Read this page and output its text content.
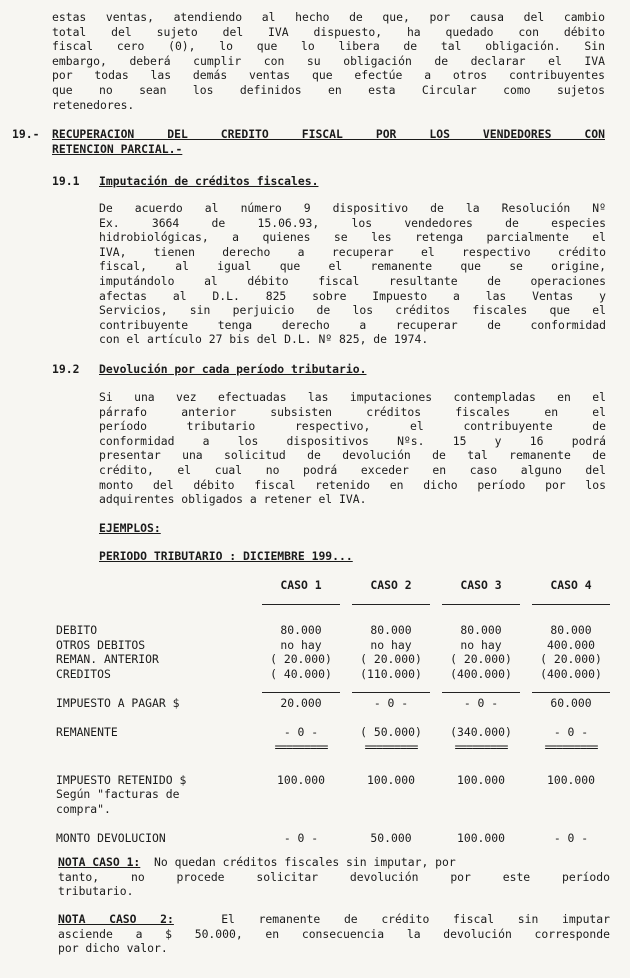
estas ventas, atendiendo al hecho de que, por causa del cambio
total del sujeto del IVA dispuesto, ha quedado con débito
fiscal cero (0), lo que lo libera de tal obligación. Sin
embargo, deberá cumplir con su obligación de declarar el IVA
por todas las demás ventas que efectúe a otros contribuyentes
que no sean los definidos en esta Circular como sujetos
retenedores.
19.- RECUPERACION DEL CREDITO FISCAL POR LOS VENDEDORES CON
RETENCION PARCIAL.-
19.1 Imputación de créditos fiscales.
De acuerdo al número 9 dispositivo de la Resolución Nº
Ex. 3664 de 15.06.93, los vendedores de especies
hidrobiológicas, a quienes se les retenga parcialmente el
IVA, tienen derecho a recuperar el respectivo crédito
fiscal, al igual que el remanente que se origine,
imputándolo al débito fiscal resultante de operaciones
afectas al D.L. 825 sobre Impuesto a las Ventas y
Servicios, sin perjuicio de los créditos fiscales que el
contribuyente tenga derecho a recuperar de conformidad
con el artículo 27 bis del D.L. Nº 825, de 1974.
19.2 Devolución por cada período tributario.
Si una vez efectuadas las imputaciones contempladas en el
párrafo anterior subsisten créditos fiscales en el
período tributario respectivo, el contribuyente de
conformidad a los dispositivos Nºs. 15 y 16 podrá
presentar una solicitud de devolución de tal remanente de
crédito, el cual no podrá exceder en caso alguno del
monto del débito fiscal retenido en dicho período por los
adquirentes obligados a retener el IVA.
EJEMPLOS:
PERIODO TRIBUTARIO : DICIEMBRE 199...
	CASO 1	CASO 2	CASO 3	CASO 4

DEBITO	80.000	80.000	80.000	80.000
OTROS DEBITOS	no hay	no hay	no hay	400.000
REMAN. ANTERIOR	( 20.000)	( 20.000)	( 20.000)	( 20.000)
CREDITOS	( 40.000)	(110.000)	(400.000)	(400.000)

IMPUESTO A PAGAR $	20.000	- 0 -	- 0 -	60.000

REMANENTE	- 0 -	( 50.000)	(340.000)	- 0 -
	=========	=========	=========	=========

IMPUESTO RETENIDO $	100.000	100.000	100.000	100.000
Según "facturas de				
compra".				

MONTO DEVOLUCION	- 0 -	50.000	100.000	- 0 -
NOTA CASO 1: No quedan créditos fiscales sin imputar, por
tanto, no procede solicitar devolución por este período
tributario.
NOTA CASO 2:	El remanente de crédito fiscal sin imputar
asciende a $ 50.000, en consecuencia la devolución corresponde
por dicho valor.
